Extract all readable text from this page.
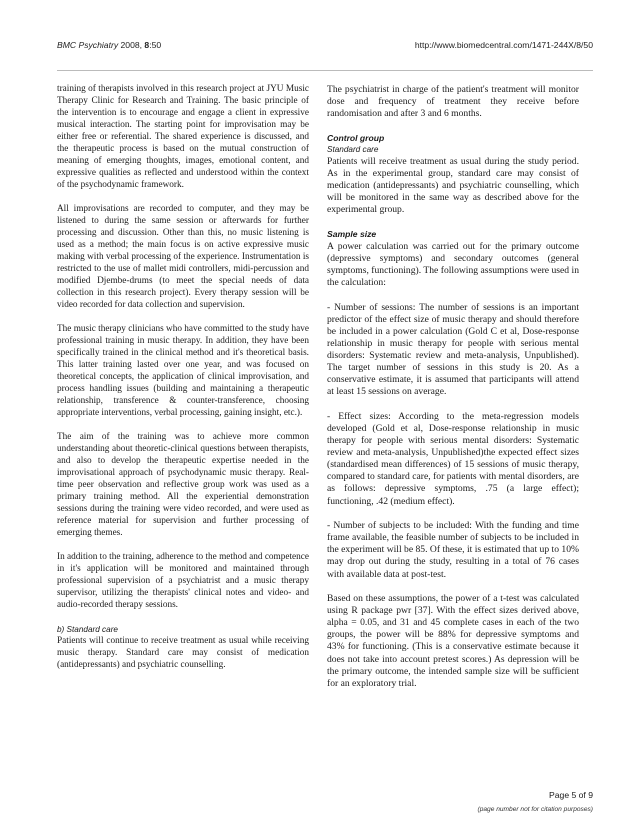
BMC Psychiatry 2008, 8:50	http://www.biomedcentral.com/1471-244X/8/50

training of therapists involved in this research project at JYU Music Therapy Clinic for Research and Training. The basic principle of the intervention is to encourage and engage a client in expressive musical interaction. The starting point for improvisation may be either free or referential. The shared experience is discussed, and the therapeutic process is based on the mutual construction of meaning of emerging thoughts, images, emotional content, and expressive qualities as reflected and understood within the context of the psychodynamic framework.

All improvisations are recorded to computer, and they may be listened to during the same session or afterwards for further processing and discussion. Other than this, no music listening is used as a method; the main focus is on active expressive music making with verbal processing of the experience. Instrumentation is restricted to the use of mallet midi controllers, midi-percussion and modified Djembe-drums (to meet the special needs of data collection in this research project). Every therapy session will be video recorded for data collection and supervision.

The music therapy clinicians who have committed to the study have professional training in music therapy. In addition, they have been specifically trained in the clinical method and it's theoretical basis. This latter training lasted over one year, and was focused on theoretical concepts, the application of clinical improvisation, and process handling issues (building and maintaining a therapeutic relationship, transference & counter-transference, choosing appropriate interventions, verbal processing, gaining insight, etc.).

The aim of the training was to achieve more common understanding about theoretic-clinical questions between therapists, and also to develop the therapeutic expertise needed in the improvisational approach of psychodynamic music therapy. Real-time peer observation and reflective group work was used as a primary training method. All the experiential demonstration sessions during the training were video recorded, and were used as reference material for supervision and further processing of emerging themes.

In addition to the training, adherence to the method and competence in it's application will be monitored and maintained through professional supervision of a psychiatrist and a music therapy supervisor, utilizing the therapists' clinical notes and video- and audio-recorded therapy sessions.

b) Standard care

Patients will continue to receive treatment as usual while receiving music therapy. Standard care may consist of medication (antidepressants) and psychiatric counselling.

The psychiatrist in charge of the patient's treatment will monitor dose and frequency of treatment they receive before randomisation and after 3 and 6 months.

Control group
Standard care

Patients will receive treatment as usual during the study period. As in the experimental group, standard care may consist of medication (antidepressants) and psychiatric counselling, which will be monitored in the same way as described above for the experimental group.

Sample size

A power calculation was carried out for the primary outcome (depressive symptoms) and secondary outcomes (general symptoms, functioning). The following assumptions were used in the calculation:

- Number of sessions: The number of sessions is an important predictor of the effect size of music therapy and should therefore be included in a power calculation (Gold C et al, Dose-response relationship in music therapy for people with serious mental disorders: Systematic review and meta-analysis, Unpublished). The target number of sessions in this study is 20. As a conservative estimate, it is assumed that participants will attend at least 15 sessions on average.

- Effect sizes: According to the meta-regression models developed (Gold et al, Dose-response relationship in music therapy for people with serious mental disorders: Systematic review and meta-analysis, Unpublished)the expected effect sizes (standardised mean differences) of 15 sessions of music therapy, compared to standard care, for patients with mental disorders, are as follows: depressive symptoms, .75 (a large effect); functioning, .42 (medium effect).

- Number of subjects to be included: With the funding and time frame available, the feasible number of subjects to be included in the experiment will be 85. Of these, it is estimated that up to 10% may drop out during the study, resulting in a total of 76 cases with available data at post-test.

Based on these assumptions, the power of a t-test was calculated using R package pwr [37]. With the effect sizes derived above, alpha = 0.05, and 31 and 45 complete cases in each of the two groups, the power will be 88% for depressive symptoms and 43% for functioning. (This is a conservative estimate because it does not take into account pretest scores.) As depression will be the primary outcome, the intended sample size will be sufficient for an exploratory trial.

Page 5 of 9
(page number not for citation purposes)
